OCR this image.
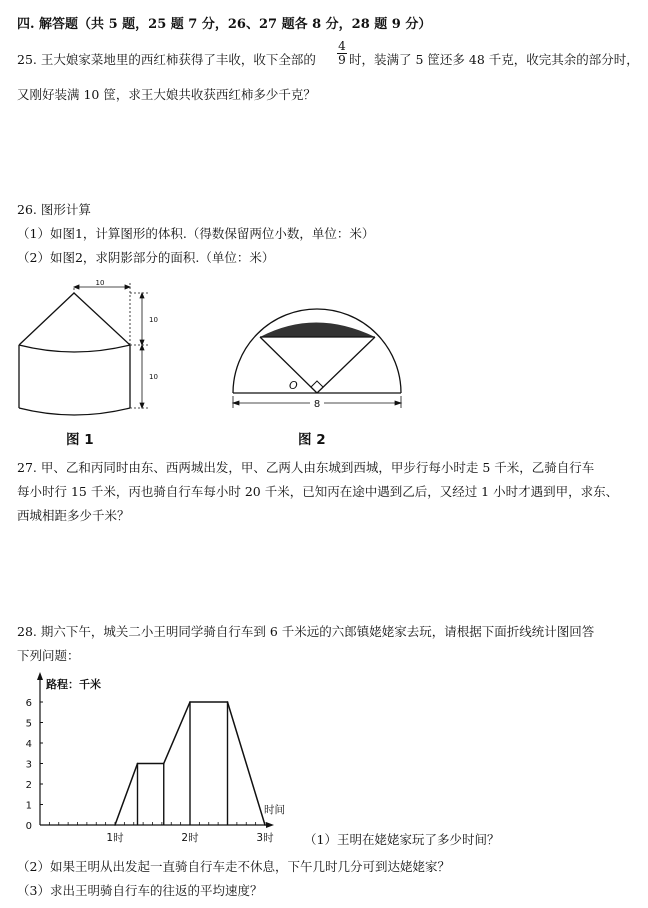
四. 解答题（共 5 题，25 题 7 分，26、27 题各 8 分，28 题 9 分）
25. 王大娘家菜地里的西红柿获得了丰收，收下全部的
4
9 时，装满了 5 筐还多 48 千克，收完其余的部分时，
又刚好装满 10 筐，求王大娘共收获西红柿多少千克？
26. 图形计算
（1）如图1，计算图形的体积.（得数保留两位小数，单位：米）
（2）如图2，求阴影部分的面积.（单位：米）
10
10
10
图 1
O
8
图 2
27. 甲、乙和丙同时由东、西两城出发，甲、乙两人由东城到西城，甲步行每小时走 5 千米，乙骑自行车
每小时行 15 千米，丙也骑自行车每小时 20 千米，已知丙在途中遇到乙后，又经过 1 小时才遇到甲，求东、
西城相距多少千米？
28. 期六下午，城关二小王明同学骑自行车到 6 千米远的六郎镇姥姥家去玩，请根据下面折线统计图回答
下列问题：
路程：千米
时间
0
1
2
3
4
5
6
1时	2时	3时 （1）王明在姥姥家玩了多少时间？
（2）如果王明从出发起一直骑自行车走不休息，下午几时几分可到达姥姥家？
（3）求出王明骑自行车的往返的平均速度？
